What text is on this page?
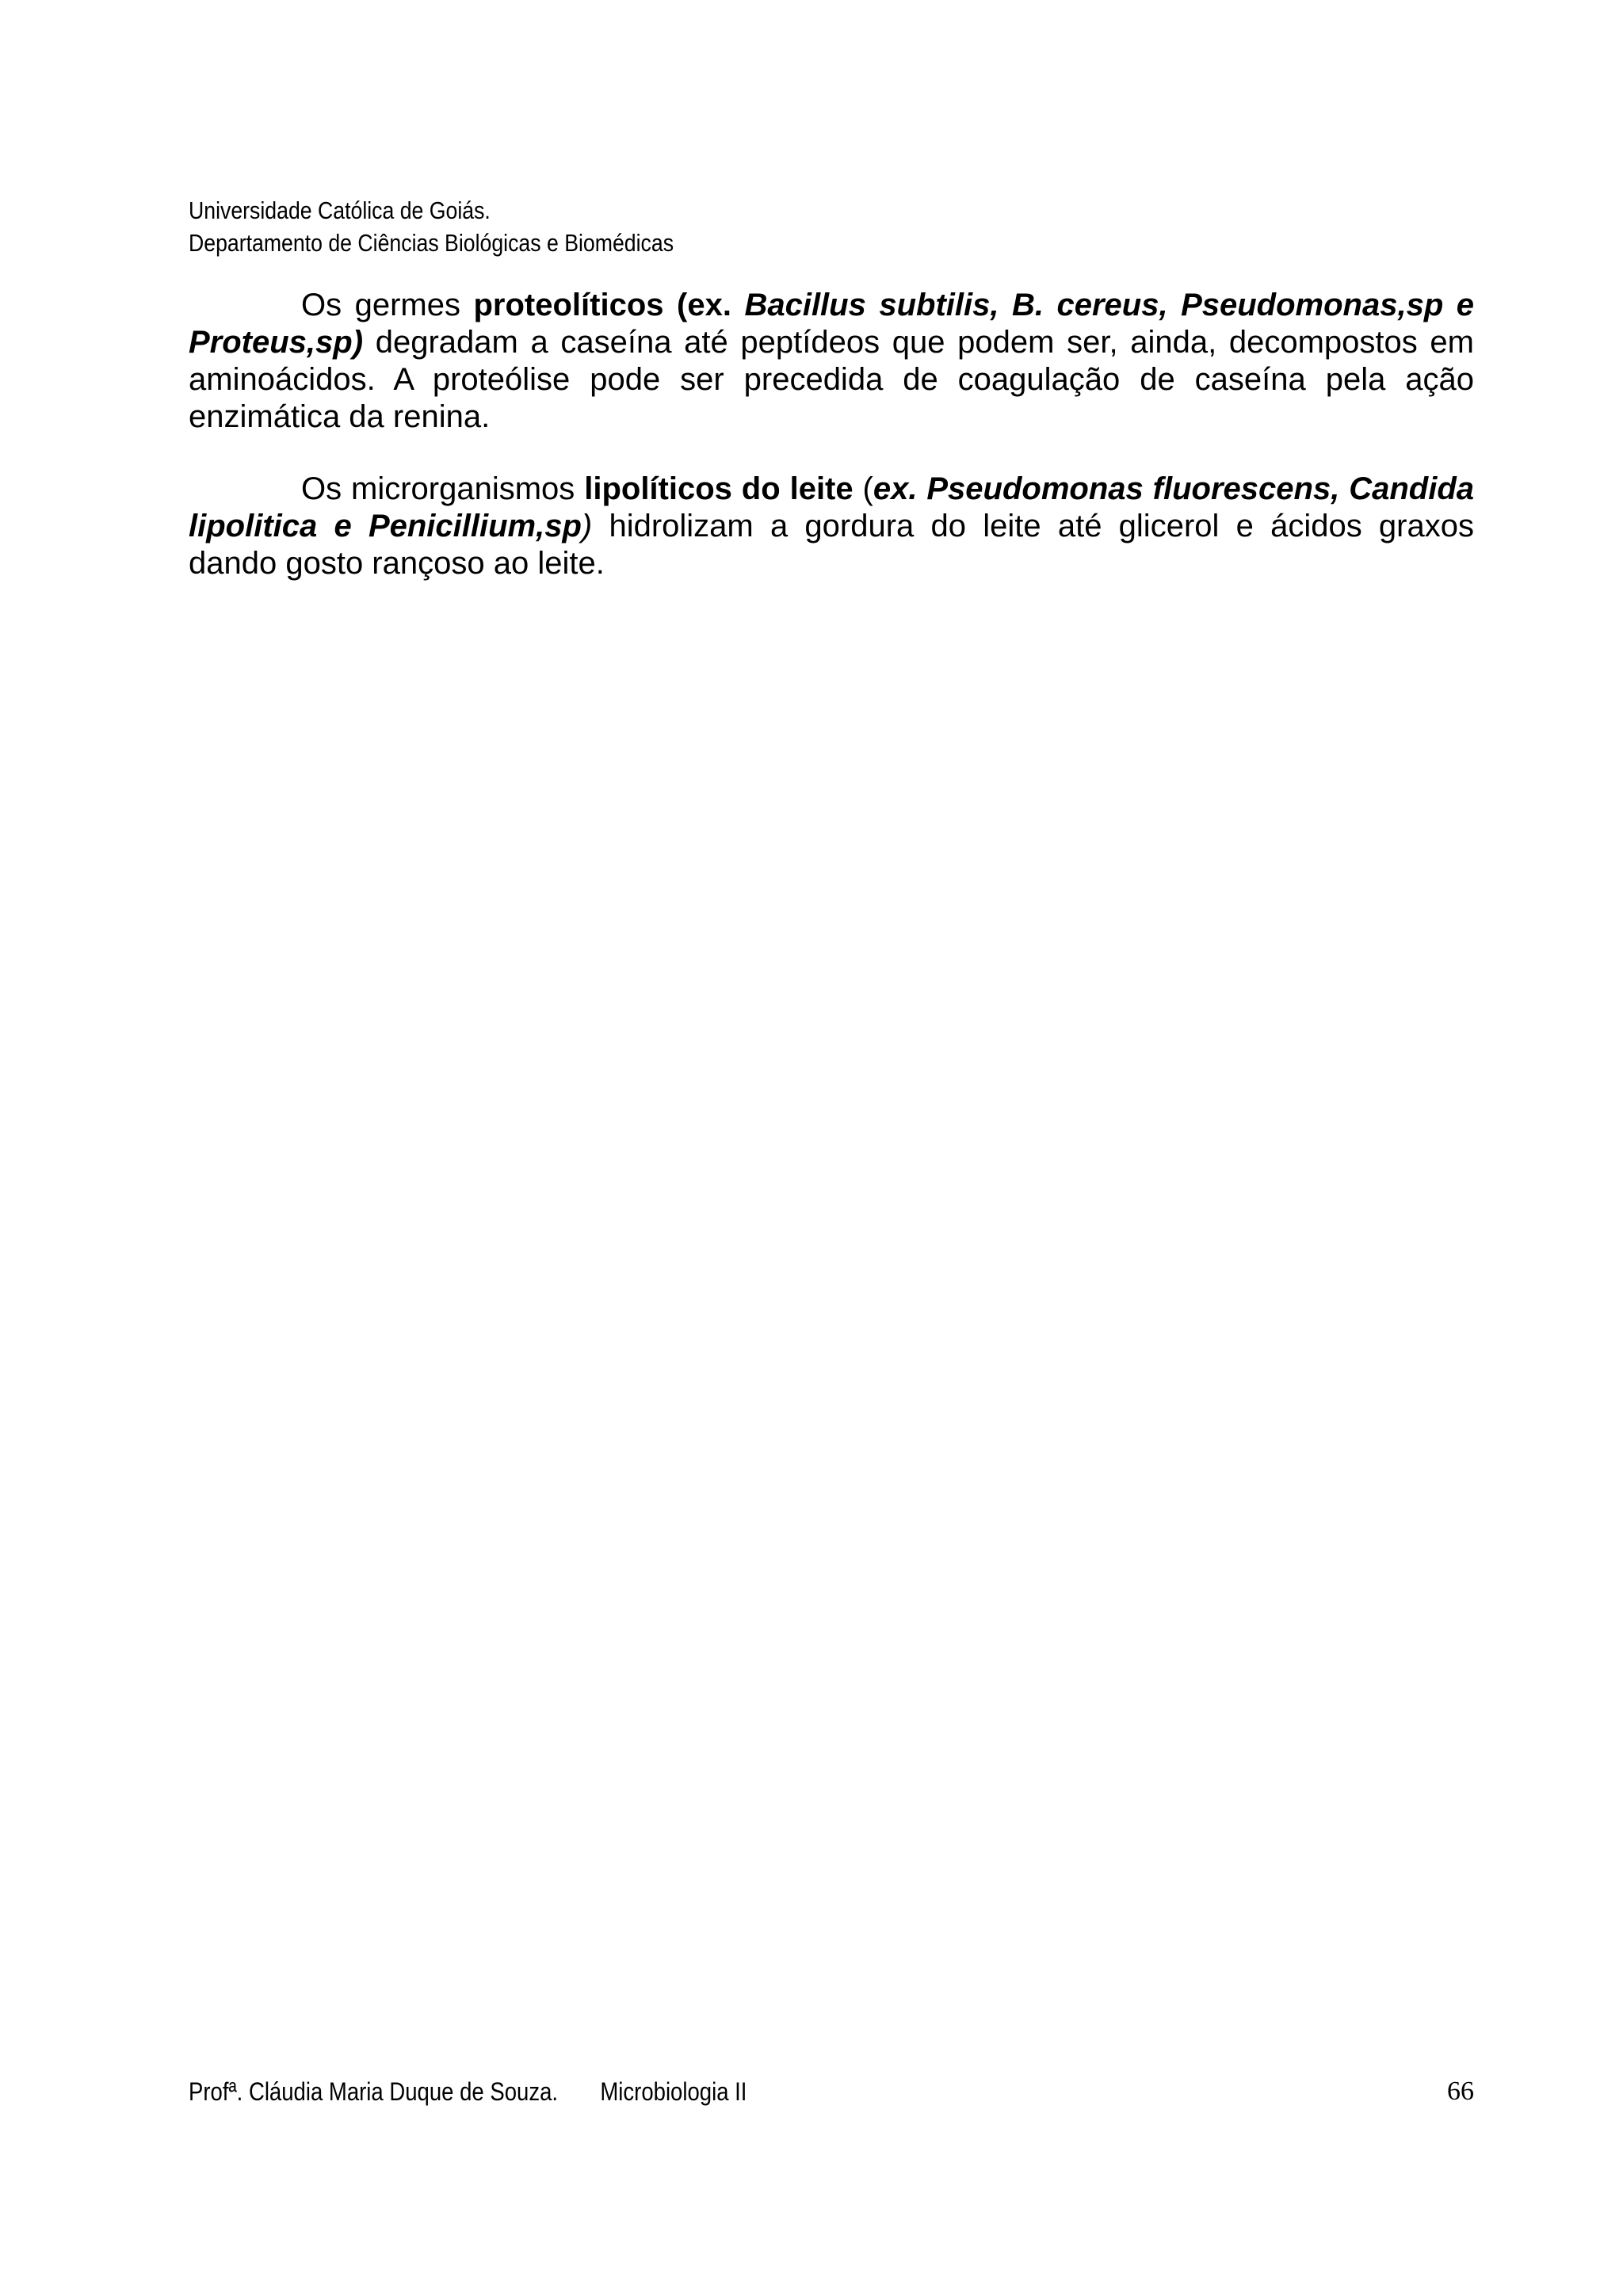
Universidade Católica de Goiás.
Departamento de Ciências Biológicas e Biomédicas

Os germes proteolíticos (ex. Bacillus subtilis, B. cereus, Pseudomonas,sp e Proteus,sp) degradam a caseína até peptídeos que podem ser, ainda, decompostos em aminoácidos. A proteólise pode ser precedida de coagulação de caseína pela ação enzimática da renina.

Os microrganismos lipolíticos do leite (ex. Pseudomonas fluorescens, Candida lipolitica e Penicillium,sp) hidrolizam a gordura do leite até glicerol e ácidos graxos dando gosto rançoso ao leite.

Profª. Cláudia Maria Duque de Souza. Microbiologia II	66
